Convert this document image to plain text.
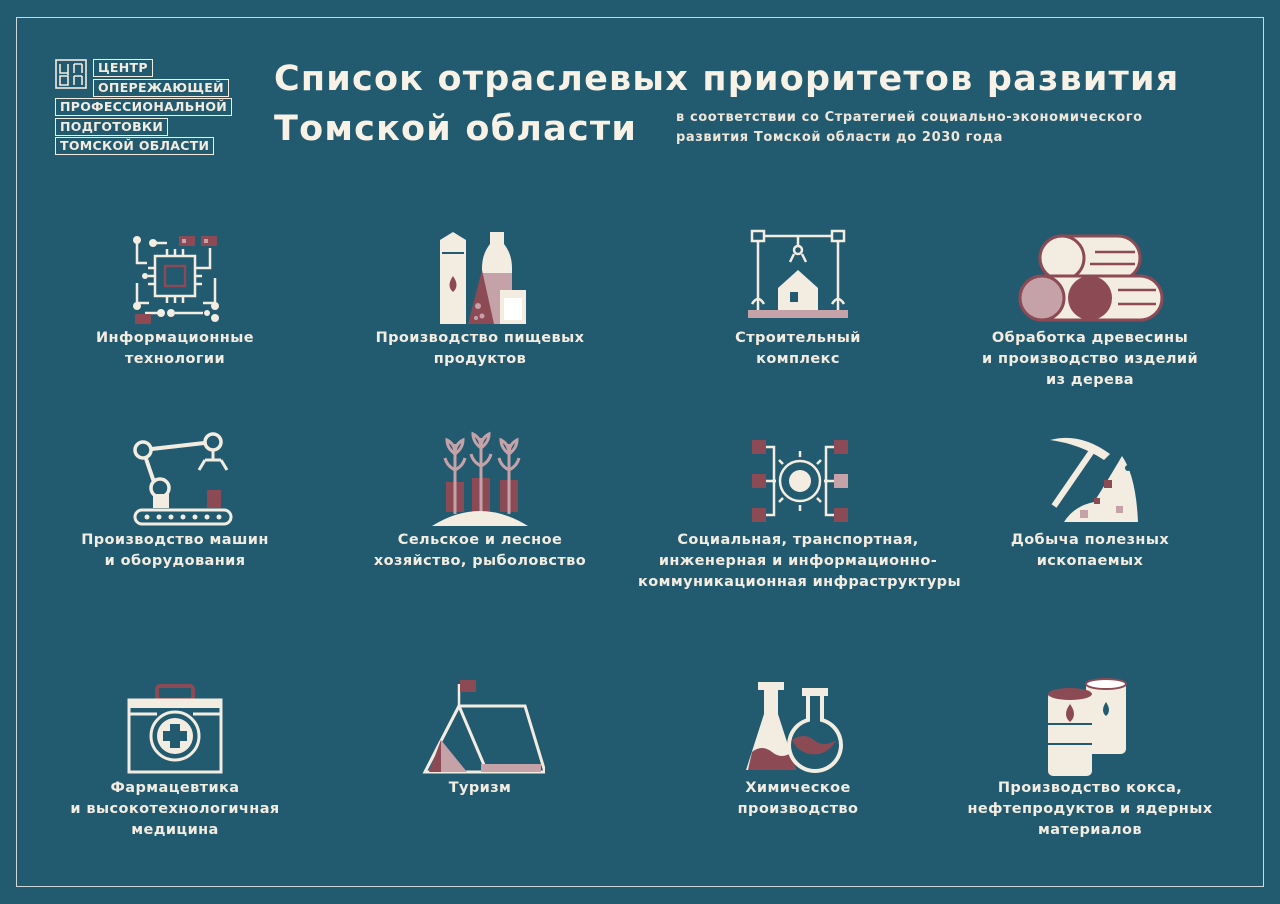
ЦЕНТР
ОПЕРЕЖАЮЩЕЙ
ПРОФЕССИОНАЛЬНОЙ
ПОДГОТОВКИ
ТОМСКОЙ ОБЛАСТИ
Список отраслевых приоритетов развития
Томской области	в соответствии со Стратегией социально-экономического
развития Томской области до 2030 года

Информационные
технологии

Производство пищевых
продуктов

Строительный
комплекс

Обработка древесины
и производство изделий
из дерева

Производство машин
и оборудования

Сельское и лесное
хозяйство, рыболовство

Социальная, транспортная,
инженерная и информационно-
коммуникационная инфраструктуры

Добыча полезных
ископаемых

Фармацевтика
и высокотехнологичная
медицина

Туризм	Химическое
производство

Производство кокса,
нефтепродуктов и ядерных
материалов
